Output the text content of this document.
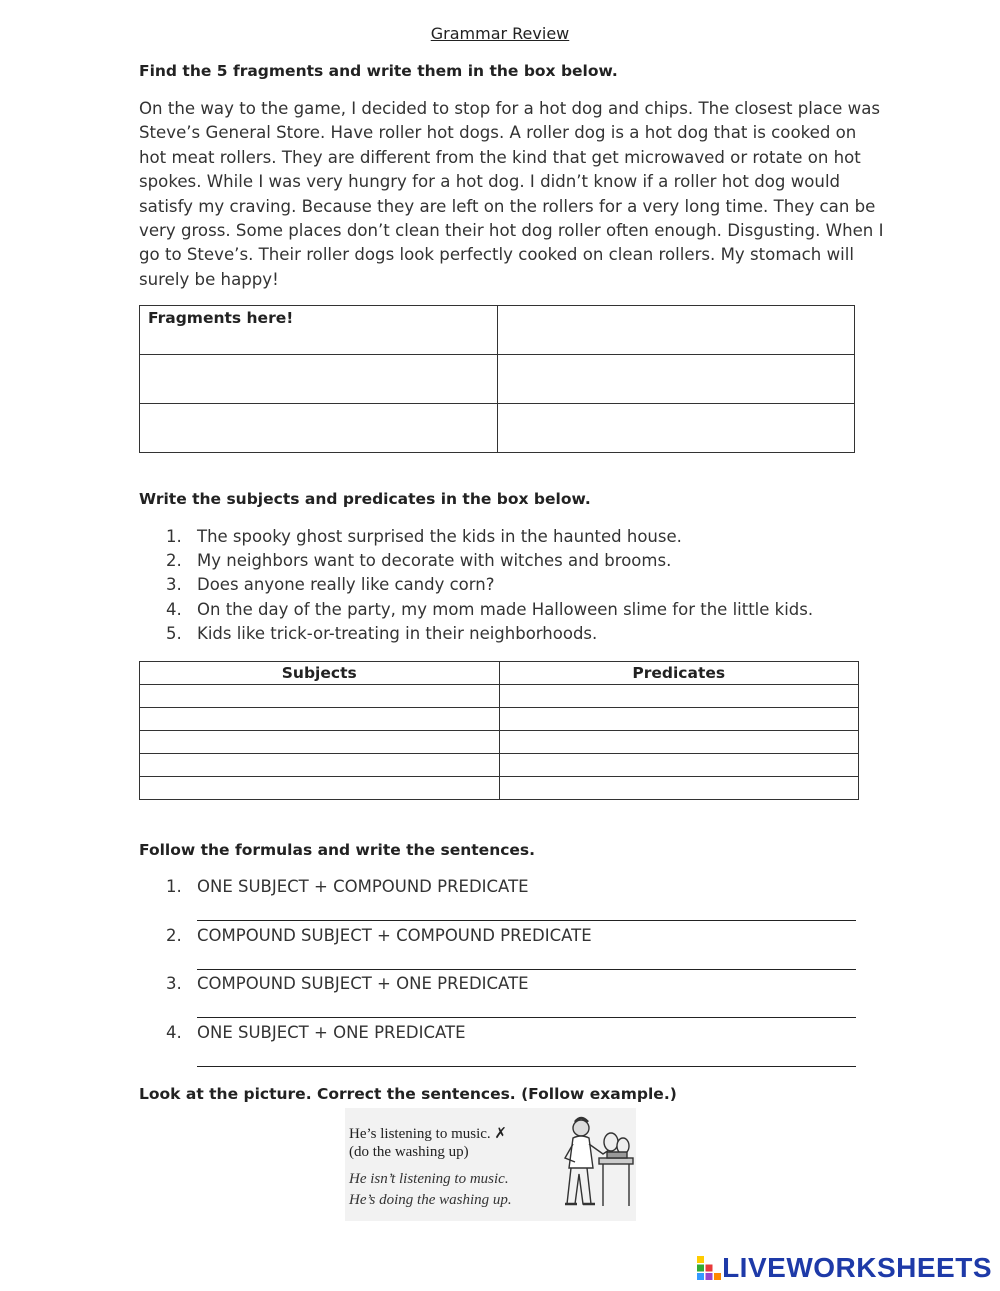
Grammar Review
Find the 5 fragments and write them in the box below.
On the way to the game, I decided to stop for a hot dog and chips. The closest place was
Steve’s General Store. Have roller hot dogs. A roller dog is a hot dog that is cooked on
hot meat rollers. They are different from the kind that get microwaved or rotate on hot
spokes. While I was very hungry for a hot dog. I didn’t know if a roller hot dog would
satisfy my craving. Because they are left on the rollers for a very long time. They can be
very gross. Some places don’t clean their hot dog roller often enough. Disgusting. When I
go to Steve’s. Their roller dogs look perfectly cooked on clean rollers. My stomach will
surely be happy!
Fragments here!	

Write the subjects and predicates in the box below.
1. The spooky ghost surprised the kids in the haunted house.
2. My neighbors want to decorate with witches and brooms.
3. Does anyone really like candy corn?
4. On the day of the party, my mom made Halloween slime for the little kids.
5. Kids like trick-or-treating in their neighborhoods.
Subjects	Predicates

Follow the formulas and write the sentences.
1. ONE SUBJECT + COMPOUND PREDICATE
2. COMPOUND SUBJECT + COMPOUND PREDICATE
3. COMPOUND SUBJECT + ONE PREDICATE
4. ONE SUBJECT + ONE PREDICATE
Look at the picture. Correct the sentences. (Follow example.)
He’s listening to music. ✗
(do the washing up)
He isn’t listening to music.
He’s doing the washing up.
LIVEWORKSHEETS
